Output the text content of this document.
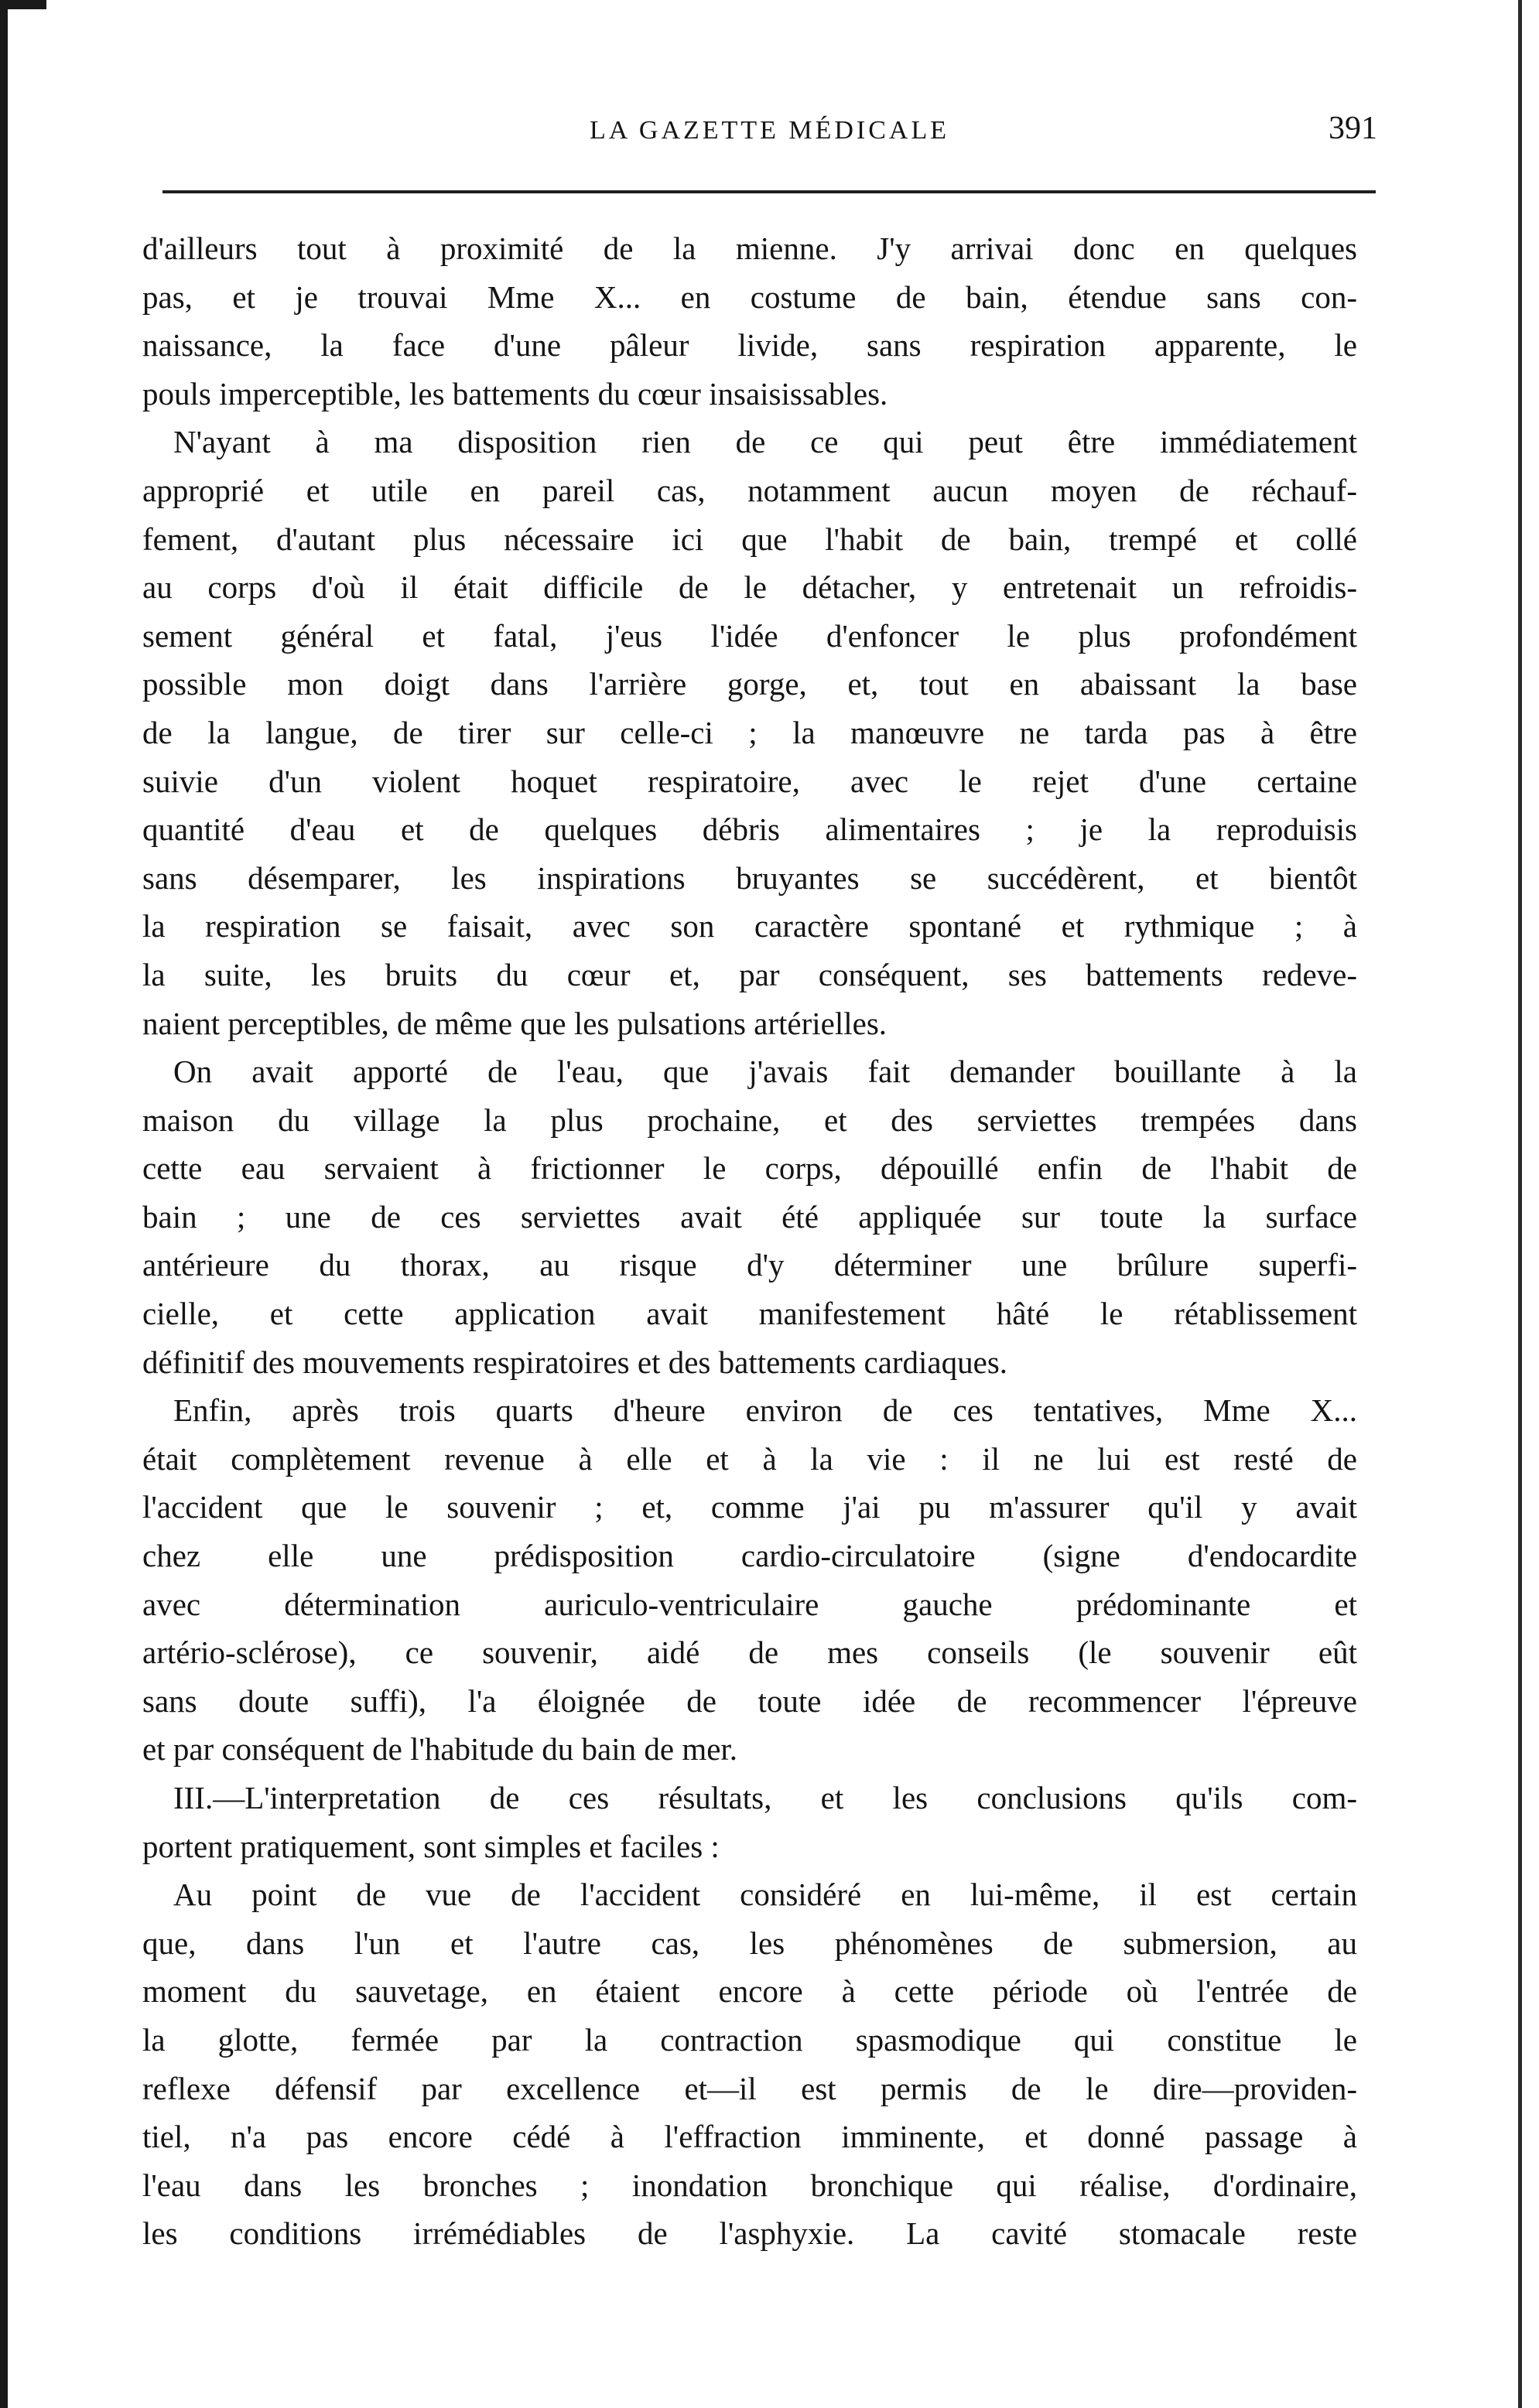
LA GAZETTE MÉDICALE	391
d'ailleurs tout à proximité de la mienne. J'y arrivai donc en quelques
pas, et je trouvai Mme X... en costume de bain, étendue sans con-
naissance, la face d'une pâleur livide, sans respiration apparente, le
pouls imperceptible, les battements du cœur insaisissables.
N'ayant à ma disposition rien de ce qui peut être immédiatement
approprié et utile en pareil cas, notamment aucun moyen de réchauf-
fement, d'autant plus nécessaire ici que l'habit de bain, trempé et collé
au corps d'où il était difficile de le détacher, y entretenait un refroidis-
sement général et fatal, j'eus l'idée d'enfoncer le plus profondément
possible mon doigt dans l'arrière gorge, et, tout en abaissant la base
de la langue, de tirer sur celle-ci ; la manœuvre ne tarda pas à être
suivie d'un violent hoquet respiratoire, avec le rejet d'une certaine
quantité d'eau et de quelques débris alimentaires ; je la reproduisis
sans désemparer, les inspirations bruyantes se succédèrent, et bientôt
la respiration se faisait, avec son caractère spontané et rythmique ; à
la suite, les bruits du cœur et, par conséquent, ses battements redeve-
naient perceptibles, de même que les pulsations artérielles.
On avait apporté de l'eau, que j'avais fait demander bouillante à la
maison du village la plus prochaine, et des serviettes trempées dans
cette eau servaient à frictionner le corps, dépouillé enfin de l'habit de
bain ; une de ces serviettes avait été appliquée sur toute la surface
antérieure du thorax, au risque d'y déterminer une brûlure superfi-
cielle, et cette application avait manifestement hâté le rétablissement
définitif des mouvements respiratoires et des battements cardiaques.
Enfin, après trois quarts d'heure environ de ces tentatives, Mme X...
était complètement revenue à elle et à la vie : il ne lui est resté de
l'accident que le souvenir ; et, comme j'ai pu m'assurer qu'il y avait
chez elle une prédisposition cardio-circulatoire (signe d'endocardite
avec détermination auriculo-ventriculaire gauche prédominante et
artério-sclérose), ce souvenir, aidé de mes conseils (le souvenir eût
sans doute suffi), l'a éloignée de toute idée de recommencer l'épreuve
et par conséquent de l'habitude du bain de mer.
III.—L'interpretation de ces résultats, et les conclusions qu'ils com-
portent pratiquement, sont simples et faciles :
Au point de vue de l'accident considéré en lui-même, il est certain
que, dans l'un et l'autre cas, les phénomènes de submersion, au
moment du sauvetage, en étaient encore à cette période où l'entrée de
la glotte, fermée par la contraction spasmodique qui constitue le
reflexe défensif par excellence et—il est permis de le dire—providen-
tiel, n'a pas encore cédé à l'effraction imminente, et donné passage à
l'eau dans les bronches ; inondation bronchique qui réalise, d'ordinaire,
les conditions irrémédiables de l'asphyxie. La cavité stomacale reste
